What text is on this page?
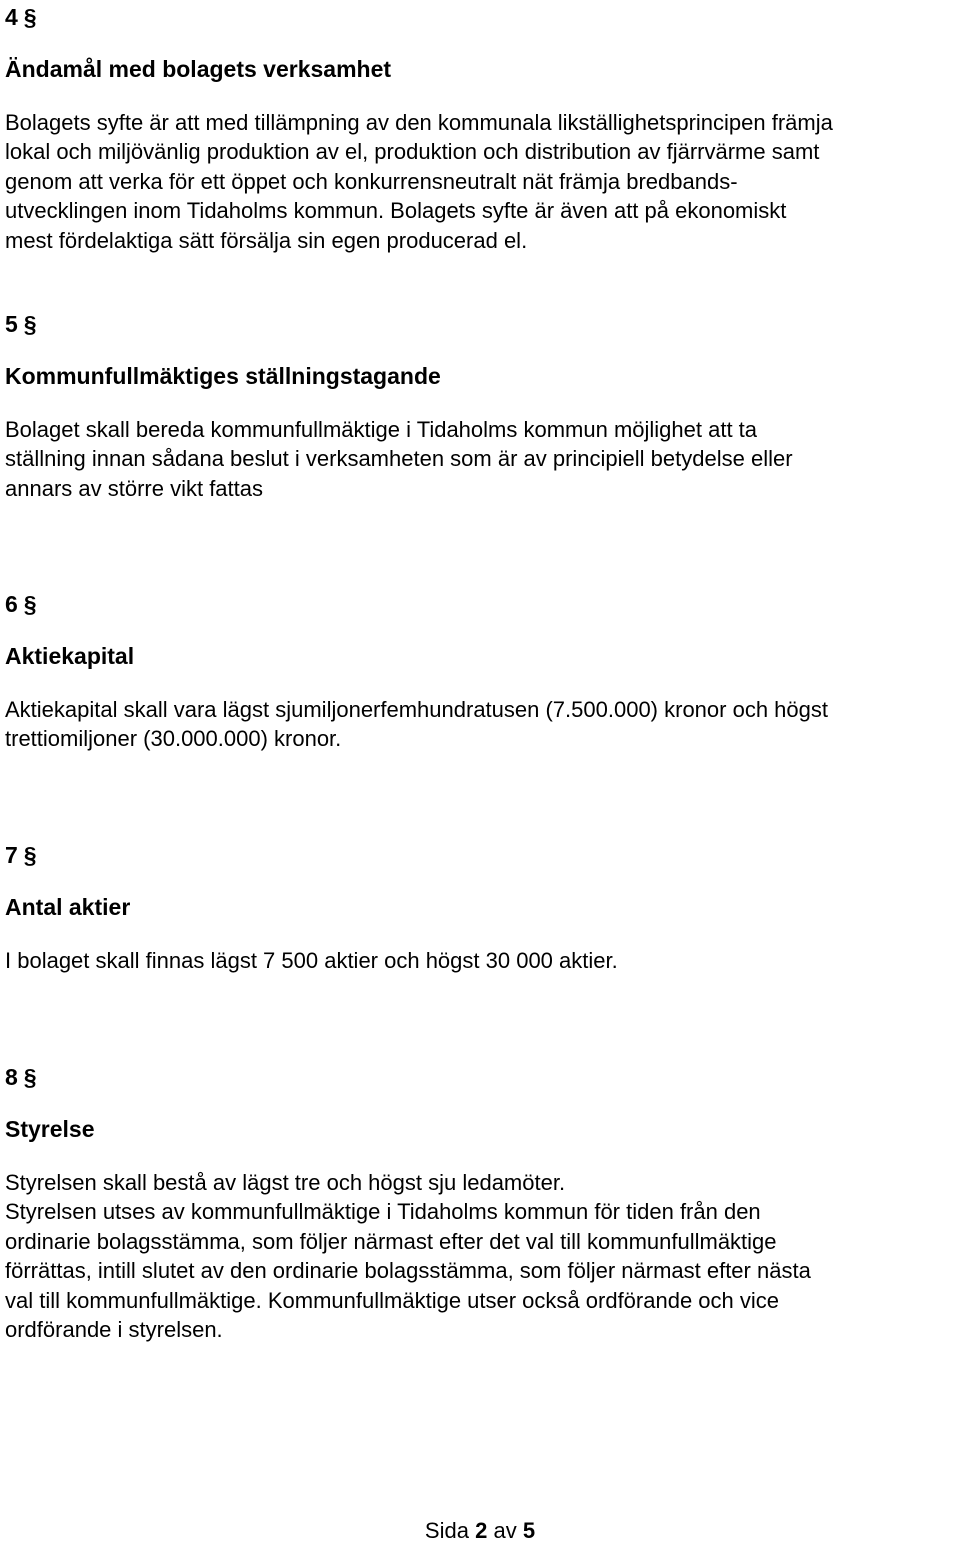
4 §
Ändamål med bolagets verksamhet
Bolagets syfte är att med tillämpning av den kommunala likställighetsprincipen främja
lokal och miljövänlig produktion av el, produktion och distribution av fjärrvärme samt
genom att verka för ett öppet och konkurrensneutralt nät främja bredbands-
utvecklingen inom Tidaholms kommun. Bolagets syfte är även att på ekonomiskt
mest fördelaktiga sätt försälja sin egen producerad el.
5 §
Kommunfullmäktiges ställningstagande
Bolaget skall bereda kommunfullmäktige i Tidaholms kommun möjlighet att ta
ställning innan sådana beslut i verksamheten som är av principiell betydelse eller
annars av större vikt fattas
6 §
Aktiekapital
Aktiekapital skall vara lägst sjumiljonerfemhundratusen (7.500.000) kronor och högst
trettiomiljoner (30.000.000) kronor.
7 §
Antal aktier
I bolaget skall finnas lägst 7 500 aktier och högst 30 000 aktier.
8 §
Styrelse
Styrelsen skall bestå av lägst tre och högst sju ledamöter.
Styrelsen utses av kommunfullmäktige i Tidaholms kommun för tiden från den
ordinarie bolagsstämma, som följer närmast efter det val till kommunfullmäktige
förrättas, intill slutet av den ordinarie bolagsstämma, som följer närmast efter nästa
val till kommunfullmäktige. Kommunfullmäktige utser också ordförande och vice
ordförande i styrelsen.
Sida 2 av 5
